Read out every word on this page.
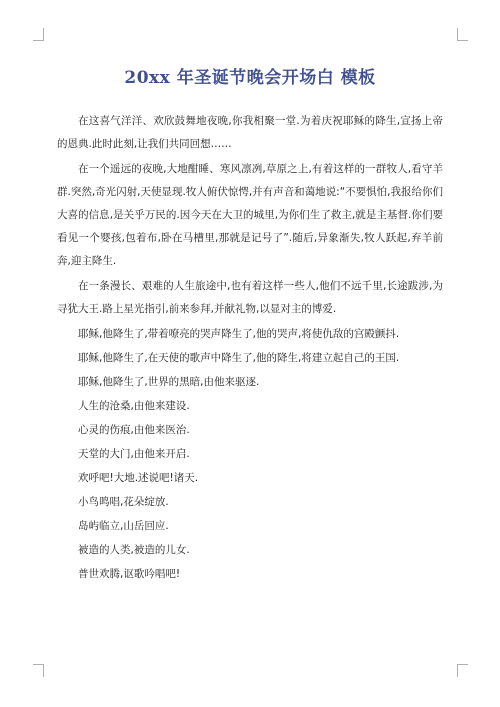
20xx 年圣诞节晚会开场白 模板

在这喜气洋洋、欢欣鼓舞地夜晚,你我相聚一堂.为着庆祝耶稣的降生,宣扬上帝的恩典.此时此刻,让我们共同回想……

在一个遥远的夜晚,大地酣睡、寒风凛冽,草原之上,有着这样的一群牧人,看守羊群.突然,奇光闪射,天使显现.牧人俯伏惊愕,并有声音和蔼地说:“不要惧怕,我报给你们大喜的信息,是关乎万民的.因今天在大卫的城里,为你们生了救主,就是主基督.你们要看见一个婴孩,包着布,卧在马槽里,那就是记号了”.随后,异象渐失,牧人跃起,弃羊前奔,迎主降生.

在一条漫长、艰难的人生旅途中,也有着这样一些人,他们不远千里,长途跋涉,为寻犹大王.路上星光指引,前来参拜,并献礼物,以显对主的博爱.

耶稣,他降生了,带着嘹亮的哭声降生了,他的哭声,将使仇敌的宫殿颤抖.

耶稣,他降生了,在天使的歌声中降生了,他的降生,将建立起自己的王国.

耶稣,他降生了,世界的黑暗,由他来驱逐.

人生的沧桑,由他来建设.

心灵的伤痕,由他来医治.

天堂的大门,由他来开启.

欢呼吧!大地.述说吧!诸天.

小鸟鸣唱,花朵绽放.

岛屿临立,山岳回应.

被造的人类,被造的儿女.

普世欢腾,讴歌吟唱吧!
